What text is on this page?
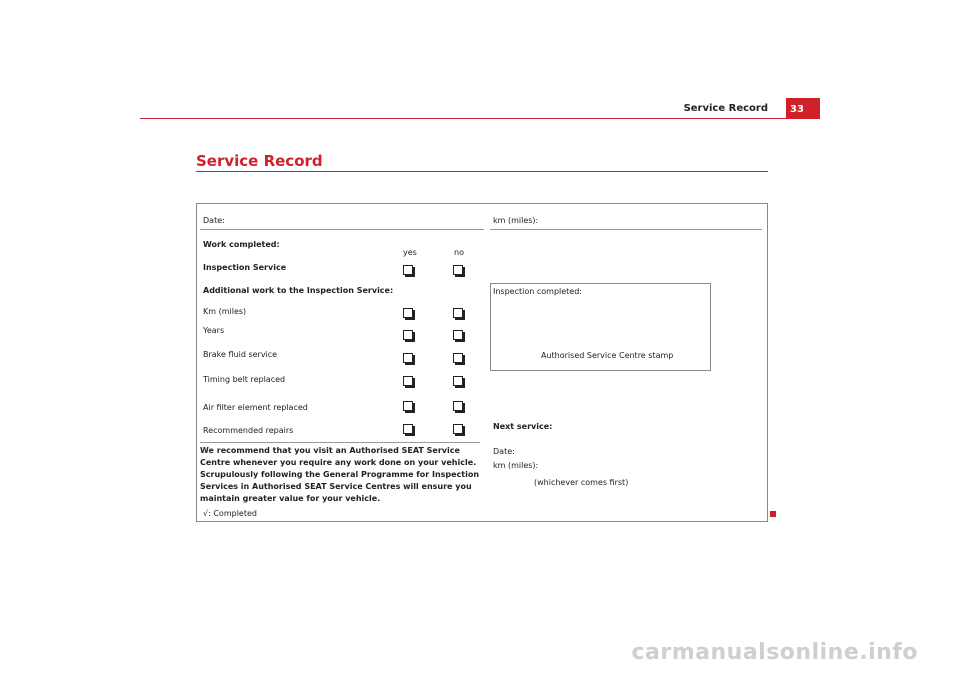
Service Record	33
Service Record
Date:	km (miles):
Work completed:
yes	no
Inspection Service
Additional work to the Inspection Service:
Km (miles)
Years
Brake fluid service
Timing belt replaced
Air filter element replaced
Recommended repairs
We recommend that you visit an Authorised SEAT Service Centre whenever you require any work done on your vehicle. Scrupulously following the General Programme for Inspection Services in Authorised SEAT Service Centres will ensure you maintain greater value for your vehicle.
√: Completed
Inspection completed:
Authorised Service Centre stamp
Next service:
Date:
km (miles):
(whichever comes first)
carmanualsonline.info
